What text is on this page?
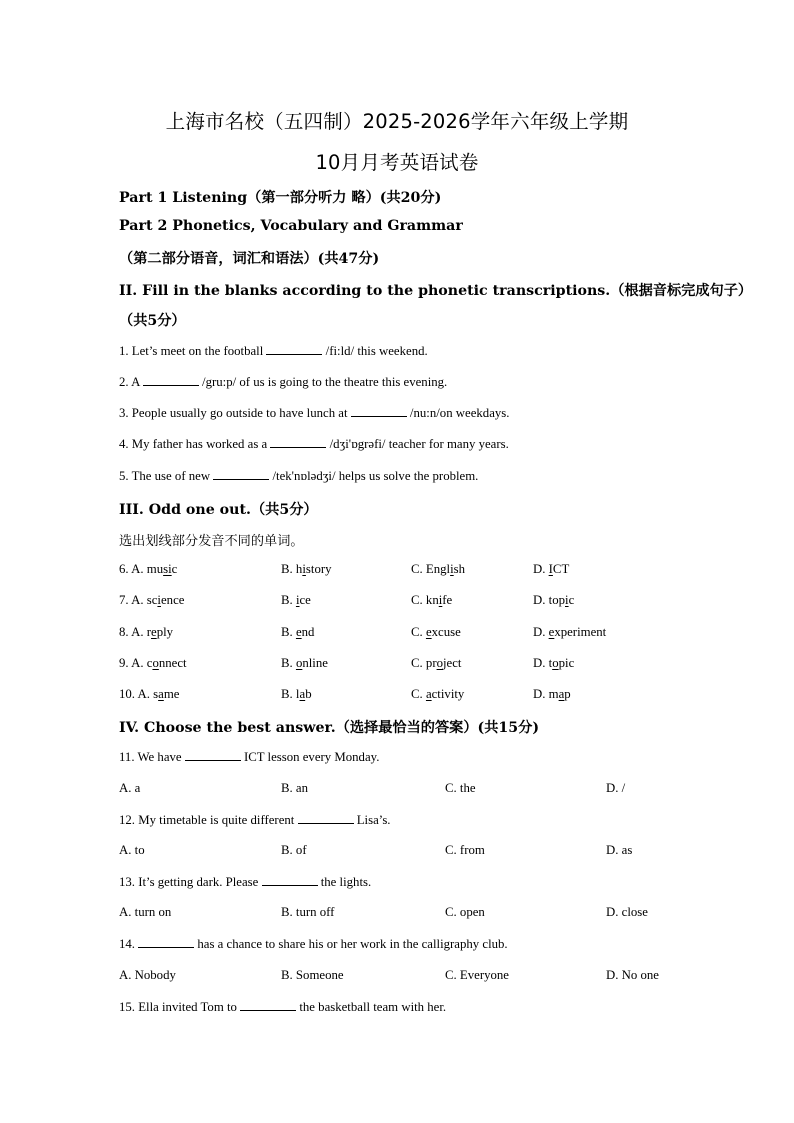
上海市名校（五四制）2025-2026学年六年级上学期
10月月考英语试卷
Part 1 Listening（第一部分听力 略）(共20分)
Part 2 Phonetics, Vocabulary and Grammar
（第二部分语音，词汇和语法）(共47分)
II. Fill in the blanks according to the phonetic transcriptions.（根据音标完成句子）
（共5分）
1. Let’s meet on the football	/fi:ld/ this weekend.
2. A	/gru:p/ of us is going to the theatre this evening.
3. People usually go outside to have lunch at	/nu:n/on weekdays.
4. My father has worked as a	/dʒi'ɒgrəfi/ teacher for many years.
5. The use of new	/tek'nɒlədʒi/ helps us solve the problem.
III. Odd one out.（共5分）
选出划线部分发音不同的单词。
6. A. music	B. history	C. English	D. ICT
7. A. science	B. ice	C. knife	D. topic
8. A. reply	B. end	C. excuse	D. experiment
9. A. connect	B. online	C. project	D. topic
10. A. same	B. lab	C. activity	D. map
IV. Choose the best answer.（选择最恰当的答案）(共15分)
11. We have	ICT lesson every Monday.
A. a	B. an	C. the	D. /
12. My timetable is quite different	Lisa’s.
A. to	B. of	C. from	D. as
13. It’s getting dark. Please	the lights.
A. turn on	B. turn off	C. open	D. close
14.	has a chance to share his or her work in the calligraphy club.
A. Nobody	B. Someone	C. Everyone	D. No one
15. Ella invited Tom to	the basketball team with her.
